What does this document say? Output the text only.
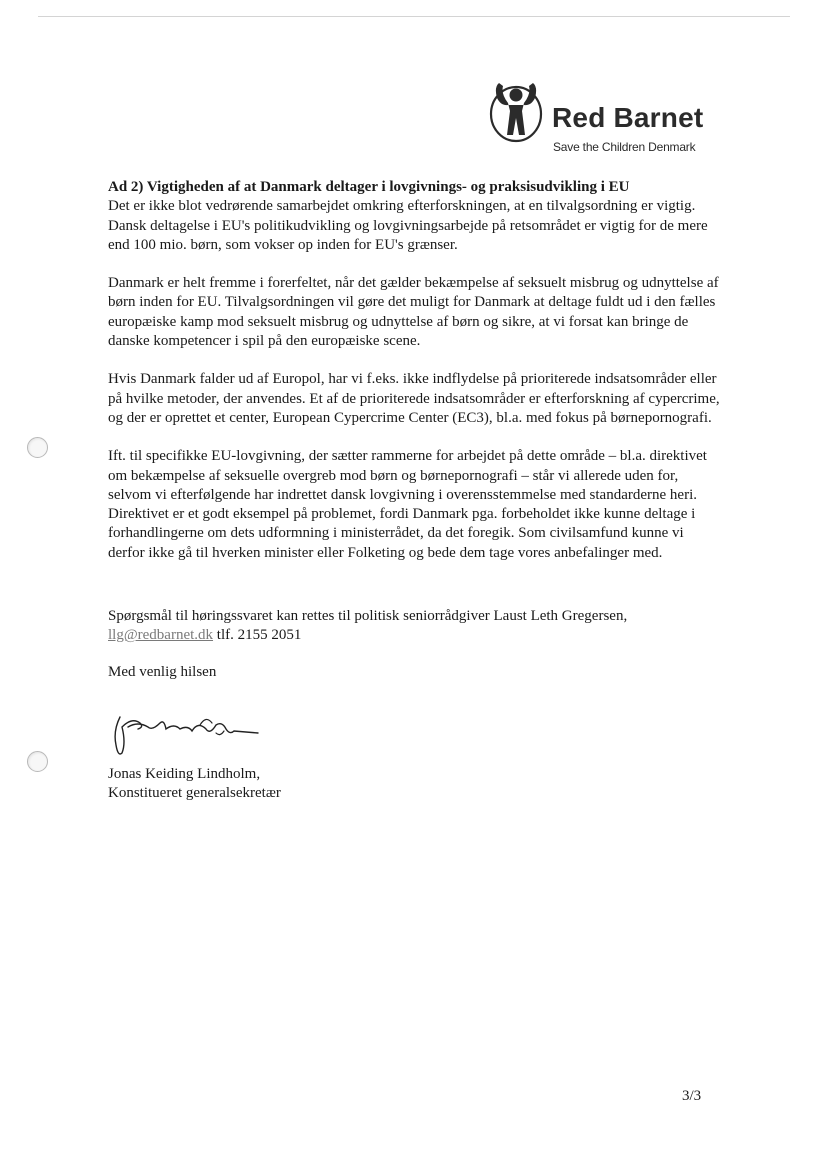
Red Barnet
Save the Children Denmark

Ad 2) Vigtigheden af at Danmark deltager i lovgivnings- og praksisudvikling i EU

Det er ikke blot vedrørende samarbejdet omkring efterforskningen, at en tilvalgsordning er vigtig. Dansk deltagelse i EU's politikudvikling og lovgivningsarbejde på retsområdet er vigtig for de mere end 100 mio. børn, som vokser op inden for EU's grænser.

Danmark er helt fremme i forerfeltet, når det gælder bekæmpelse af seksuelt misbrug og udnyttelse af børn inden for EU. Tilvalgsordningen vil gøre det muligt for Danmark at deltage fuldt ud i den fælles europæiske kamp mod seksuelt misbrug og udnyttelse af børn og sikre, at vi forsat kan bringe de danske kompetencer i spil på den europæiske scene.

Hvis Danmark falder ud af Europol, har vi f.eks. ikke indflydelse på prioriterede indsatsområder eller på hvilke metoder, der anvendes. Et af de prioriterede indsatsområder er efterforskning af cypercrime, og der er oprettet et center, European Cypercrime Center (EC3), bl.a. med fokus på børnepornografi.

Ift. til specifikke EU-lovgivning, der sætter rammerne for arbejdet på dette område – bl.a. direktivet om bekæmpelse af seksuelle overgreb mod børn og børnepornografi – står vi allerede uden for, selvom vi efterfølgende har indrettet dansk lovgivning i overensstemmelse med standarderne heri. Direktivet er et godt eksempel på problemet, fordi Danmark pga. forbeholdet ikke kunne deltage i forhandlingerne om dets udformning i ministerrådet, da det foregik. Som civilsamfund kunne vi derfor ikke gå til hverken minister eller Folketing og bede dem tage vores anbefalinger med.

Spørgsmål til høringssvaret kan rettes til politisk seniorrådgiver Laust Leth Gregersen,
llg@redbarnet.dk tlf. 2155 2051

Med venlig hilsen

Jonas Keiding Lindholm,
Konstitueret generalsekretær
3/3
